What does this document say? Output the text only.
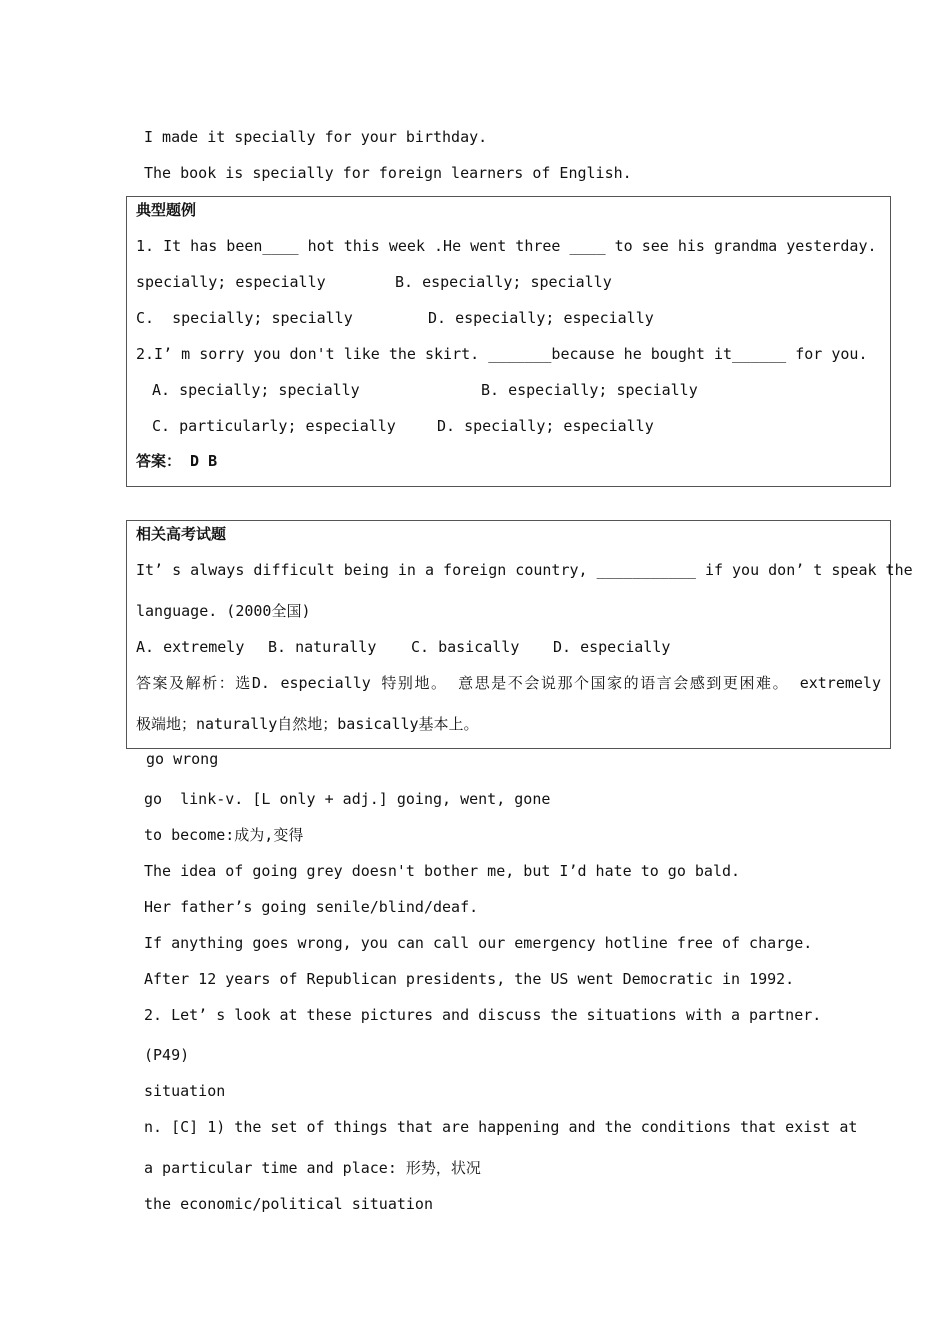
I made it specially for your birthday.
The book is specially for foreign learners of English.
典型题例
1. It has been____ hot this week .He went three ____ to see his grandma yesterday.
specially; especially	B. especially; specially
C.  specially; specially	D. especially; especially
2.I’ m sorry you don't like the skirt. _______because he bought it______ for you.
A. specially; specially	B. especially; specially
C. particularly; especially	D. specially; especially
答案： D B
相关高考试题
It’ s always difficult being in a foreign country, ___________ if you don’ t speak the
language. (2000全国)
A. extremely B. naturally C. basically D. especially
答案及解析：选D. especially 特别地。 意思是不会说那个国家的语言会感到更困难。 extremely
极端地；naturally自然地；basically基本上。
go wrong
go  link-v. [L only + adj.] going, went, gone
to become:成为,变得
The idea of going grey doesn't bother me, but I’d hate to go bald.
Her father’s going senile/blind/deaf.
If anything goes wrong, you can call our emergency hotline free of charge.
After 12 years of Republican presidents, the US went Democratic in 1992.
2. Let’ s look at these pictures and discuss the situations with a partner.
(P49)
situation
n. [C] 1) the set of things that are happening and the conditions that exist at
a particular time and place: 形势，状况
the economic/political situation
